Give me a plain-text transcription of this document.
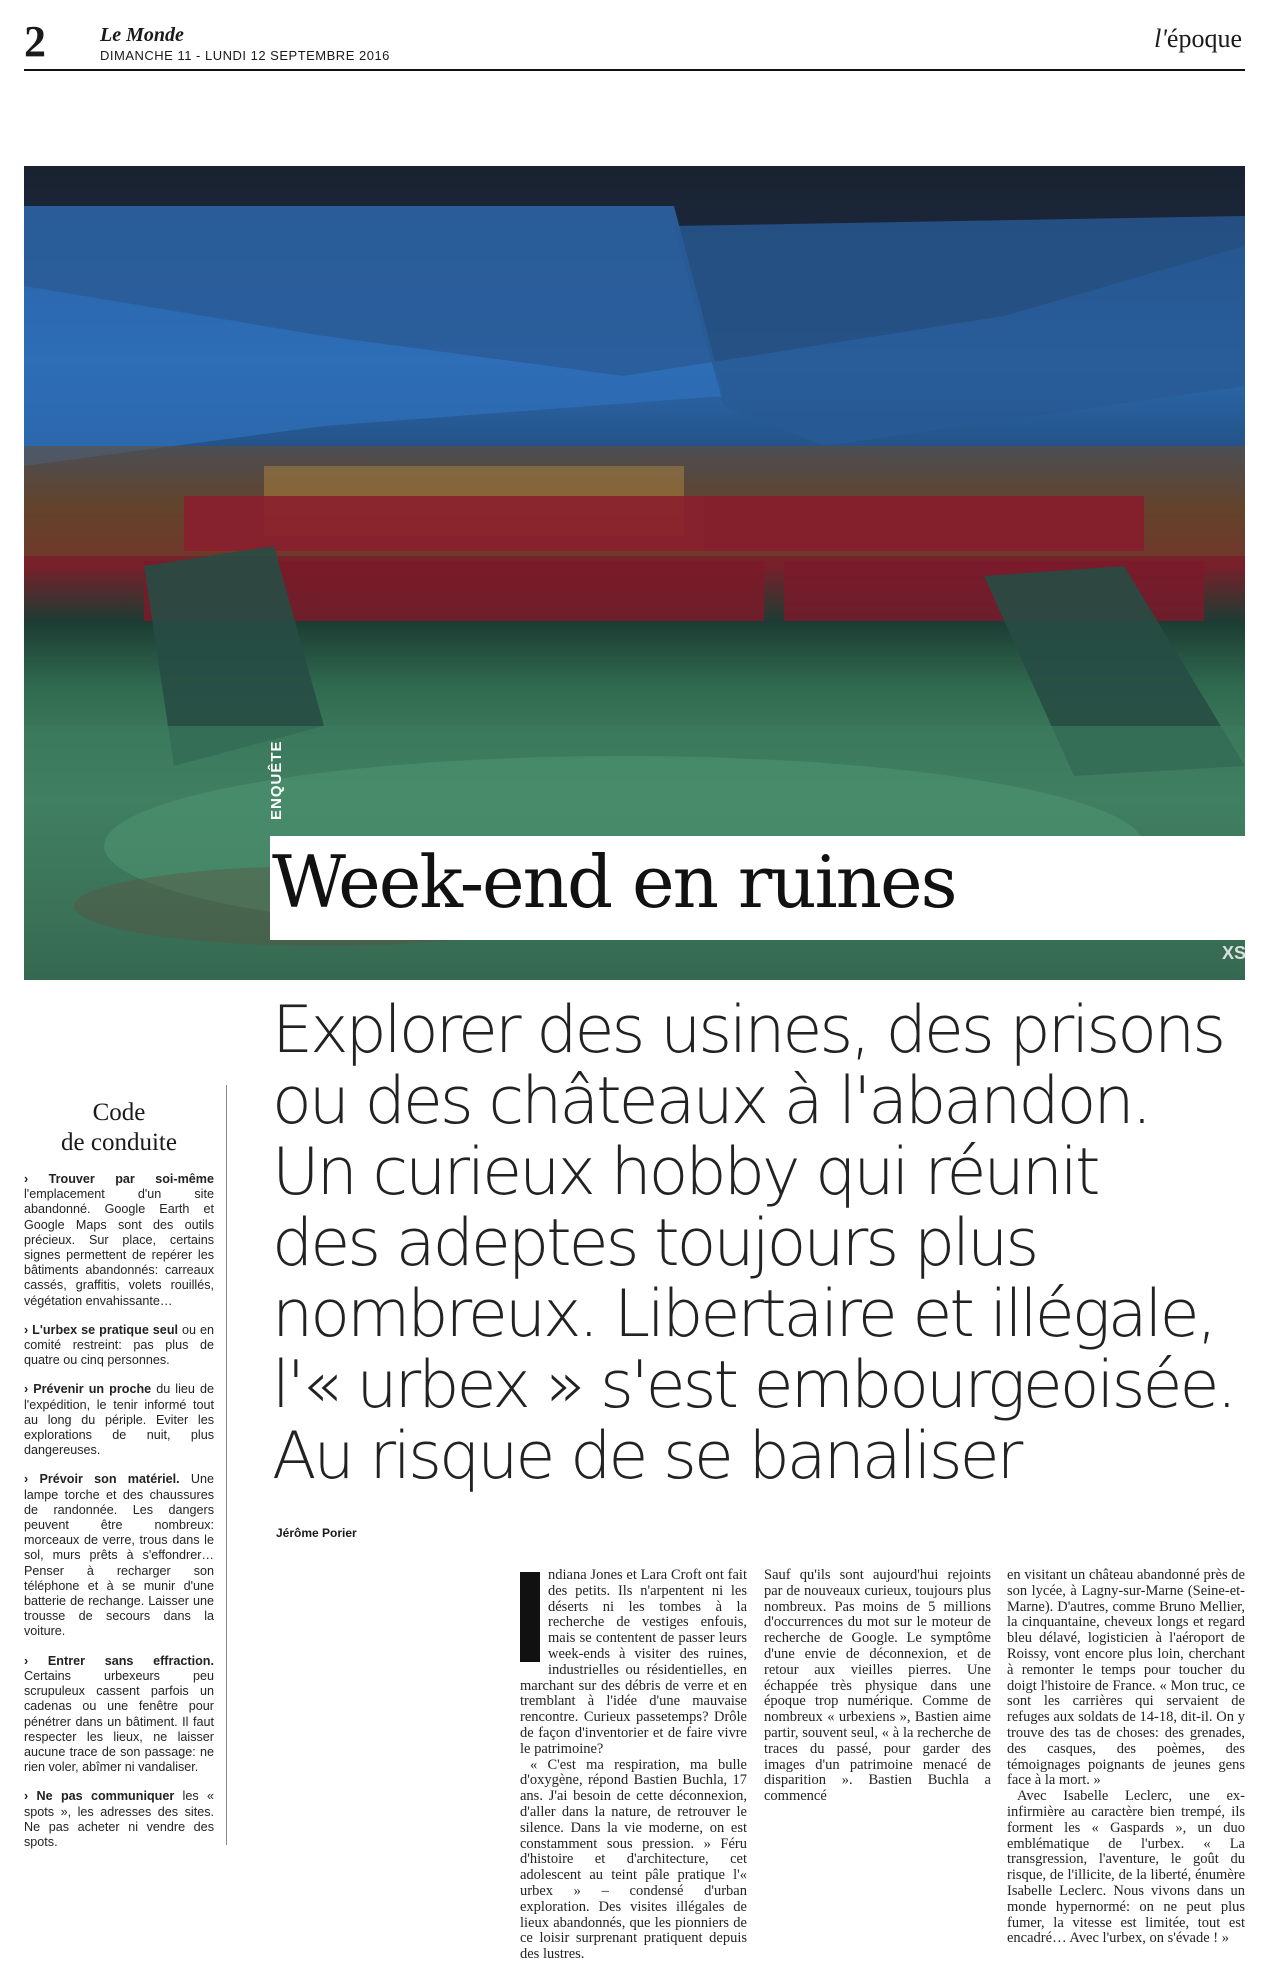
2	Le Monde
DIMANCHE 11 - LUNDI 12 SEPTEMBRE 2016
l'époque
ENQUÊTE
Week-end en ruines
XS

Explorer des usines, des prisons

ou des châteaux à l'abandon.

Un curieux hobby qui réunit

des adeptes toujours plus

nombreux. Libertaire et illégale,

l'« urbex » s'est embourgeoisée.

Au risque de se banaliser

Jérôme Porier
Code
de conduite
› Trouver par soi-même l'emplacement d'un site abandonné. Google Earth et Google Maps sont des outils précieux. Sur place, certains signes permettent de repérer les bâtiments abandonnés: carreaux cassés, graffitis, volets rouillés, végétation envahissante…
› L'urbex se pratique seul ou en comité restreint: pas plus de quatre ou cinq personnes.
› Prévenir un proche du lieu de l'expédition, le tenir informé tout au long du périple. Eviter les explorations de nuit, plus dangereuses.
› Prévoir son matériel. Une lampe torche et des chaussures de randonnée. Les dangers peuvent être nombreux: morceaux de verre, trous dans le sol, murs prêts à s'effondrer… Penser à recharger son téléphone et à se munir d'une batterie de rechange. Laisser une trousse de secours dans la voiture.
› Entrer sans effraction. Certains urbexeurs peu scrupuleux cassent parfois un cadenas ou une fenêtre pour pénétrer dans un bâtiment. Il faut respecter les lieux, ne laisser aucune trace de son passage: ne rien voler, abîmer ni vandaliser.
› Ne pas communiquer les « spots », les adresses des sites. Ne pas acheter ni vendre des spots.

ndiana Jones et Lara Croft ont fait des petits. Ils n'arpentent ni les déserts ni les tombes à la recherche de vestiges enfouis, mais se contentent de passer leurs week-ends à visiter des ruines, industrielles ou résidentielles, en marchant sur des débris de verre et en tremblant à l'idée d'une mauvaise rencontre. Curieux passetemps? Drôle de façon d'inventorier et de faire vivre le patrimoine?

« C'est ma respiration, ma bulle d'oxygène, répond Bastien Buchla, 17 ans. J'ai besoin de cette déconnexion, d'aller dans la nature, de retrouver le silence. Dans la vie moderne, on est constamment sous pression. » Féru d'histoire et d'architecture, cet adolescent au teint pâle pratique l'« urbex » – condensé d'urban exploration. Des visites illégales de lieux abandonnés, que les pionniers de ce loisir surprenant pratiquent depuis des lustres.

Sauf qu'ils sont aujourd'hui rejoints par de nouveaux curieux, toujours plus nombreux. Pas moins de 5 millions d'occurrences du mot sur le moteur de recherche de Google. Le symptôme d'une envie de déconnexion, et de retour aux vieilles pierres. Une échappée très physique dans une époque trop numérique. Comme de nombreux « urbexiens », Bastien aime partir, souvent seul, « à la recherche de traces du passé, pour garder des images d'un patrimoine menacé de disparition ». Bastien Buchla a commencé

en visitant un château abandonné près de son lycée, à Lagny-sur-Marne (Seine-et-Marne). D'autres, comme Bruno Mellier, la cinquantaine, cheveux longs et regard bleu délavé, logisticien à l'aéroport de Roissy, vont encore plus loin, cherchant à remonter le temps pour toucher du doigt l'histoire de France. « Mon truc, ce sont les carrières qui servaient de refuges aux soldats de 14-18, dit-il. On y trouve des tas de choses: des grenades, des casques, des poèmes, des témoignages poignants de jeunes gens face à la mort. »

Avec Isabelle Leclerc, une ex-infirmière au caractère bien trempé, ils forment les « Gaspards », un duo emblématique de l'urbex. « La transgression, l'aventure, le goût du risque, de l'illicite, de la liberté, énumère Isabelle Leclerc. Nous vivons dans un monde hypernormé: on ne peut plus fumer, la vitesse est limitée, tout est encadré… Avec l'urbex, on s'évade ! »
